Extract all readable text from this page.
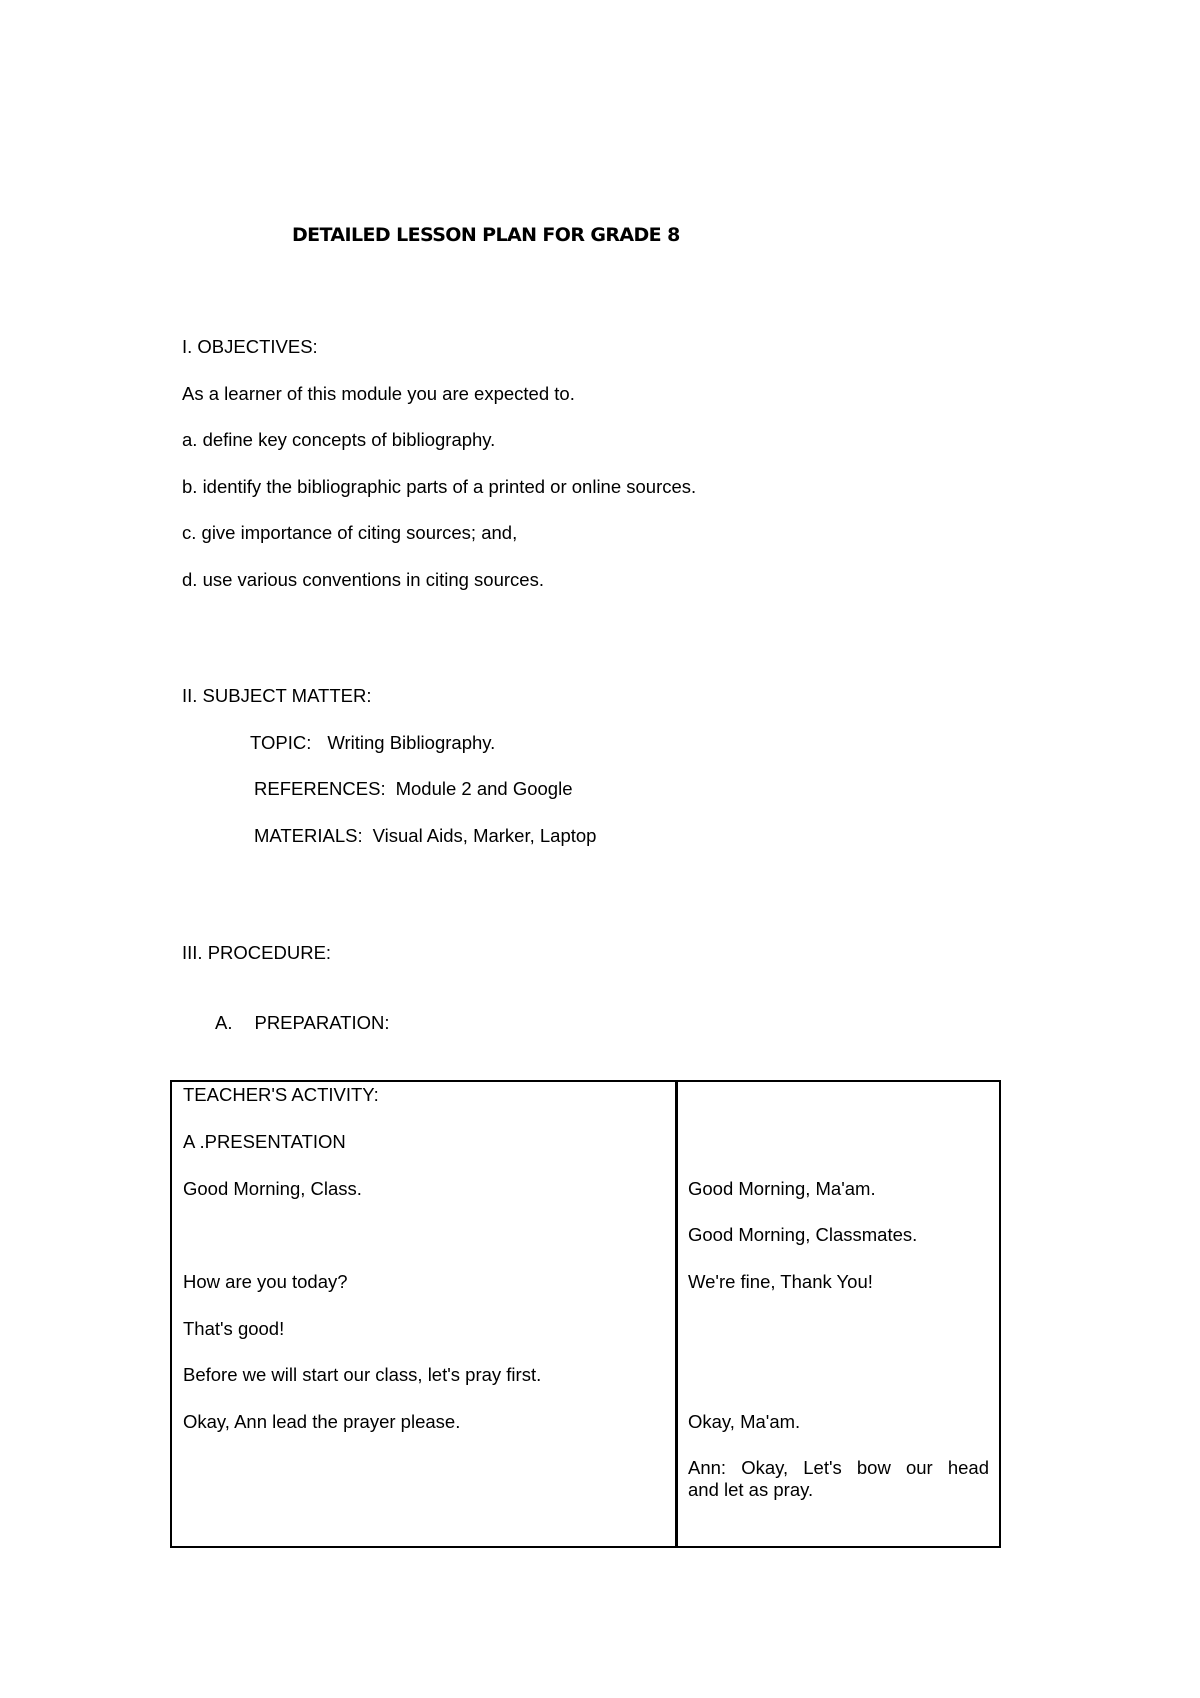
DETAILED LESSON PLAN FOR GRADE 8

I. OBJECTIVES:

As a learner of this module you are expected to.

a. define key concepts of bibliography.

b. identify the bibliographic parts of a printed or online sources.

c. give importance of citing sources; and,

d. use various conventions in citing sources.

II. SUBJECT MATTER:

TOPIC: Writing Bibliography.

REFERENCES: Module 2 and Google

MATERIALS: Visual Aids, Marker, Laptop

III. PROCEDURE:

A. PREPARATION:

TEACHER'S ACTIVITY:

A .PRESENTATION

Good Morning, Class.

How are you today?

That's good!

Before we will start our class, let's pray first.

Okay, Ann lead the prayer please.

Good Morning, Ma'am.

Good Morning, Classmates.

We're fine, Thank You!

Okay, Ma'am.

Ann: Okay, Let's bow our head
and let as pray.
